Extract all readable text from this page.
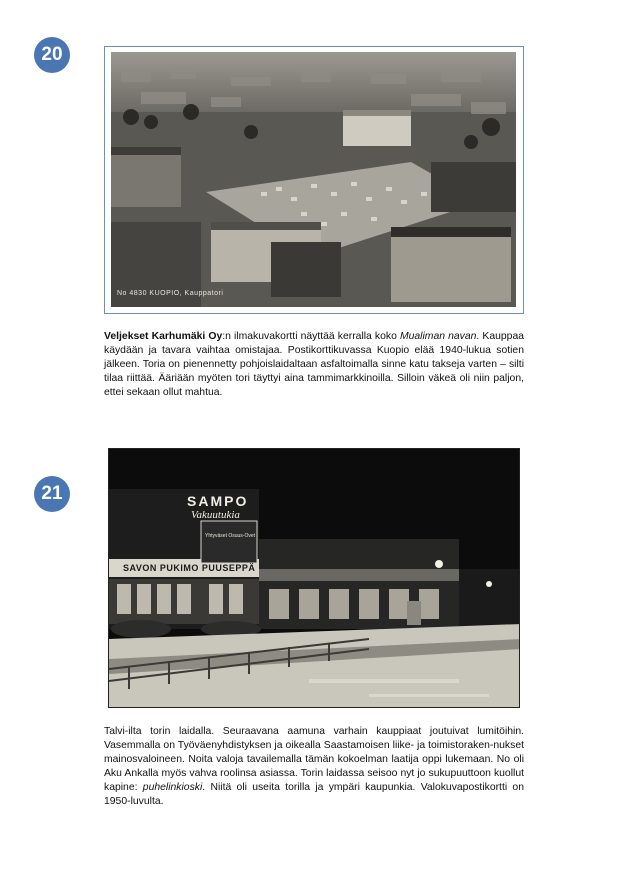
20
No 4830 KUOPIO, Kauppatori
Veljekset Karhumäki Oy:n ilmakuvakortti näyttää kerralla koko Mualiman navan. Kauppaa käydään ja tavara vaihtaa omistajaa. Postikorttikuvassa Kuopio elää 1940-lukua sotien jälkeen. Toria on pienennetty pohjoislaidaltaan asfaltoimalla sinne katu takseja varten – silti tilaa riittää. Ääriään myöten tori täyttyi aina tammimarkkinoilla. Silloin väkeä oli niin paljon, ettei sekaan ollut mahtua.
21	SAMPO
Vakuutukia
Yhtyväset Osuus-Ovet
SAVON PUKIMO PUUSEPPÄ
Talvi-ilta torin laidalla. Seuraavana aamuna varhain kauppiaat joutuivat lumitöihin. Vasemmalla on Työväenyhdistyksen ja oikealla Saastamoisen liike- ja toimistoraken-nukset mainosvaloineen. Noita valoja tavailemalla tämän kokoelman laatija oppi lukemaan. No oli Aku Ankalla myös vahva roolinsa asiassa. Torin laidassa seisoo nyt jo sukupuuttoon kuollut kapine: puhelinkioski. Niitä oli useita torilla ja ympäri kaupunkia. Valokuvapostikortti on 1950-luvulta.
